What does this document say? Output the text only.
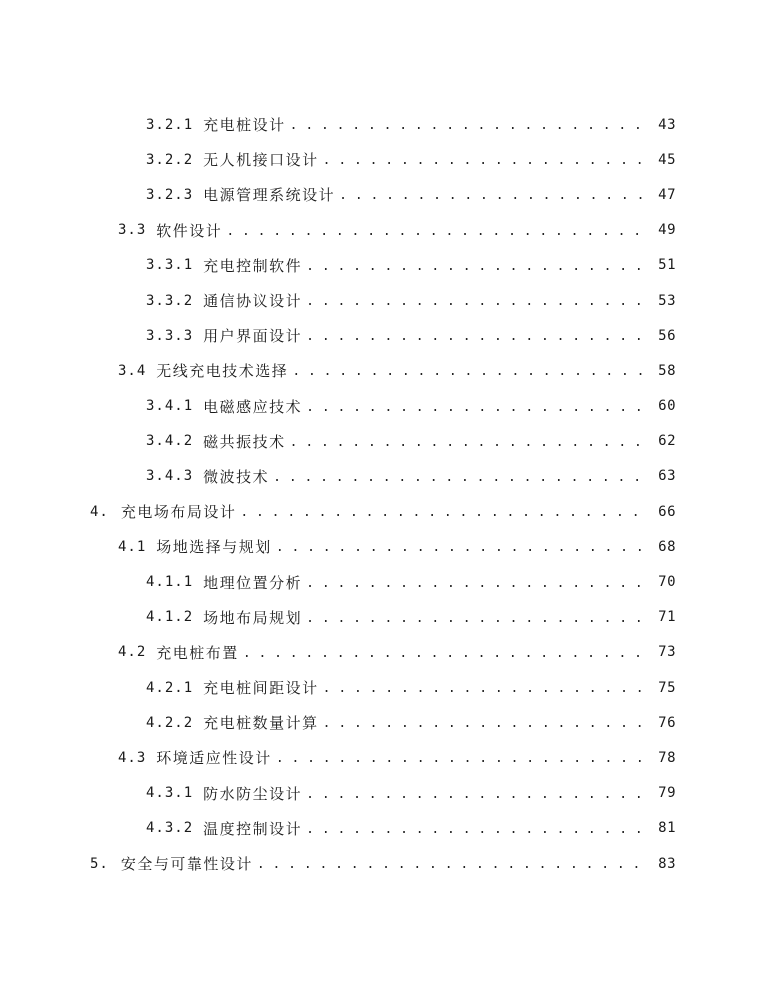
3.2.1 充电桩设计 . . .	43
3.2.2 无人机接口设计 . . .	45
3.2.3 电源管理系统设计 . . .	47
3.3 软件设计 . . .	49
3.3.1 充电控制软件 . . .	51
3.3.2 通信协议设计 . . .	53
3.3.3 用户界面设计 . . .	56
3.4 无线充电技术选择 . . .	58
3.4.1 电磁感应技术 . . .	60
3.4.2 磁共振技术 . . .	62
3.4.3 微波技术 . . .	63
4. 充电场布局设计 . . .	66
4.1 场地选择与规划 . . .	68
4.1.1 地理位置分析 . . .	70
4.1.2 场地布局规划 . . .	71
4.2 充电桩布置 . . .	73
4.2.1 充电桩间距设计 . . .	75
4.2.2 充电桩数量计算 . . .	76
4.3 环境适应性设计 . . .	78
4.3.1 防水防尘设计 . . .	79
4.3.2 温度控制设计 . . .	81
5. 安全与可靠性设计 . . .	83
